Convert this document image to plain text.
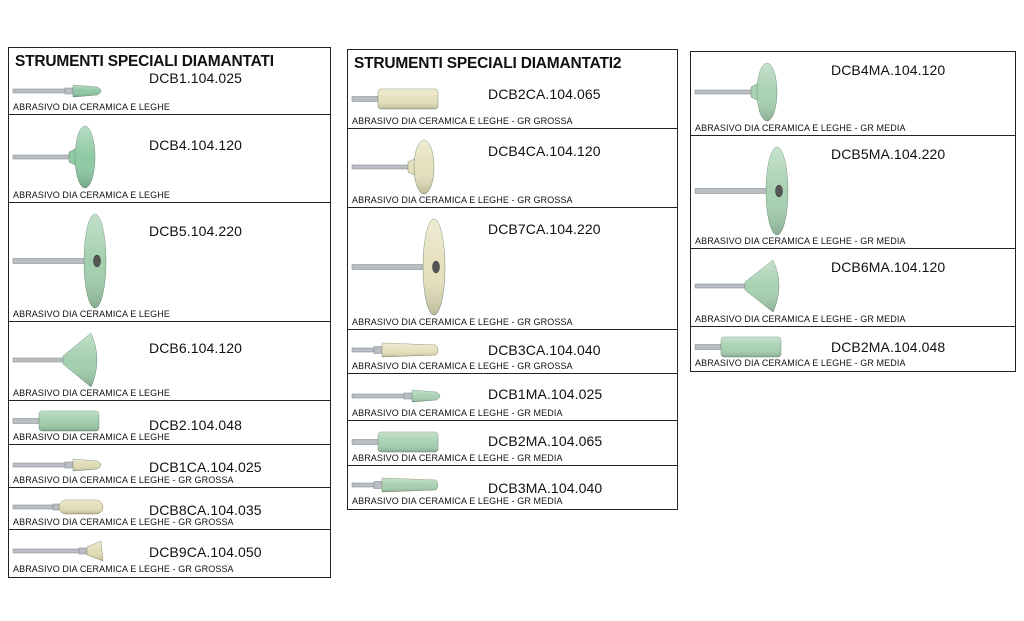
STRUMENTI SPECIALI DIAMANTATI
DCB1.104.025
ABRASIVO DIA CERAMICA E LEGHE
DCB4.104.120
ABRASIVO DIA CERAMICA E LEGHE
DCB5.104.220
ABRASIVO DIA CERAMICA E LEGHE
DCB6.104.120
ABRASIVO DIA CERAMICA E LEGHE
DCB2.104.048
ABRASIVO DIA CERAMICA E LEGHE
DCB1CA.104.025
ABRASIVO DIA CERAMICA E LEGHE - GR GROSSA
DCB8CA.104.035
ABRASIVO DIA CERAMICA E LEGHE - GR GROSSA
DCB9CA.104.050
ABRASIVO DIA CERAMICA E LEGHE - GR GROSSA
STRUMENTI SPECIALI DIAMANTATI2
DCB2CA.104.065
ABRASIVO DIA CERAMICA E LEGHE - GR GROSSA
DCB4CA.104.120
ABRASIVO DIA CERAMICA E LEGHE - GR GROSSA
DCB7CA.104.220
ABRASIVO DIA CERAMICA E LEGHE - GR GROSSA
DCB3CA.104.040
ABRASIVO DIA CERAMICA E LEGHE - GR GROSSA
DCB1MA.104.025
ABRASIVO DIA CERAMICA E LEGHE - GR MEDIA
DCB2MA.104.065
ABRASIVO DIA CERAMICA E LEGHE - GR MEDIA
DCB3MA.104.040
ABRASIVO DIA CERAMICA E LEGHE - GR MEDIA
DCB4MA.104.120
ABRASIVO DIA CERAMICA E LEGHE - GR MEDIA
DCB5MA.104.220
ABRASIVO DIA CERAMICA E LEGHE - GR MEDIA
DCB6MA.104.120
ABRASIVO DIA CERAMICA E LEGHE - GR MEDIA
DCB2MA.104.048
ABRASIVO DIA CERAMICA E LEGHE - GR MEDIA
